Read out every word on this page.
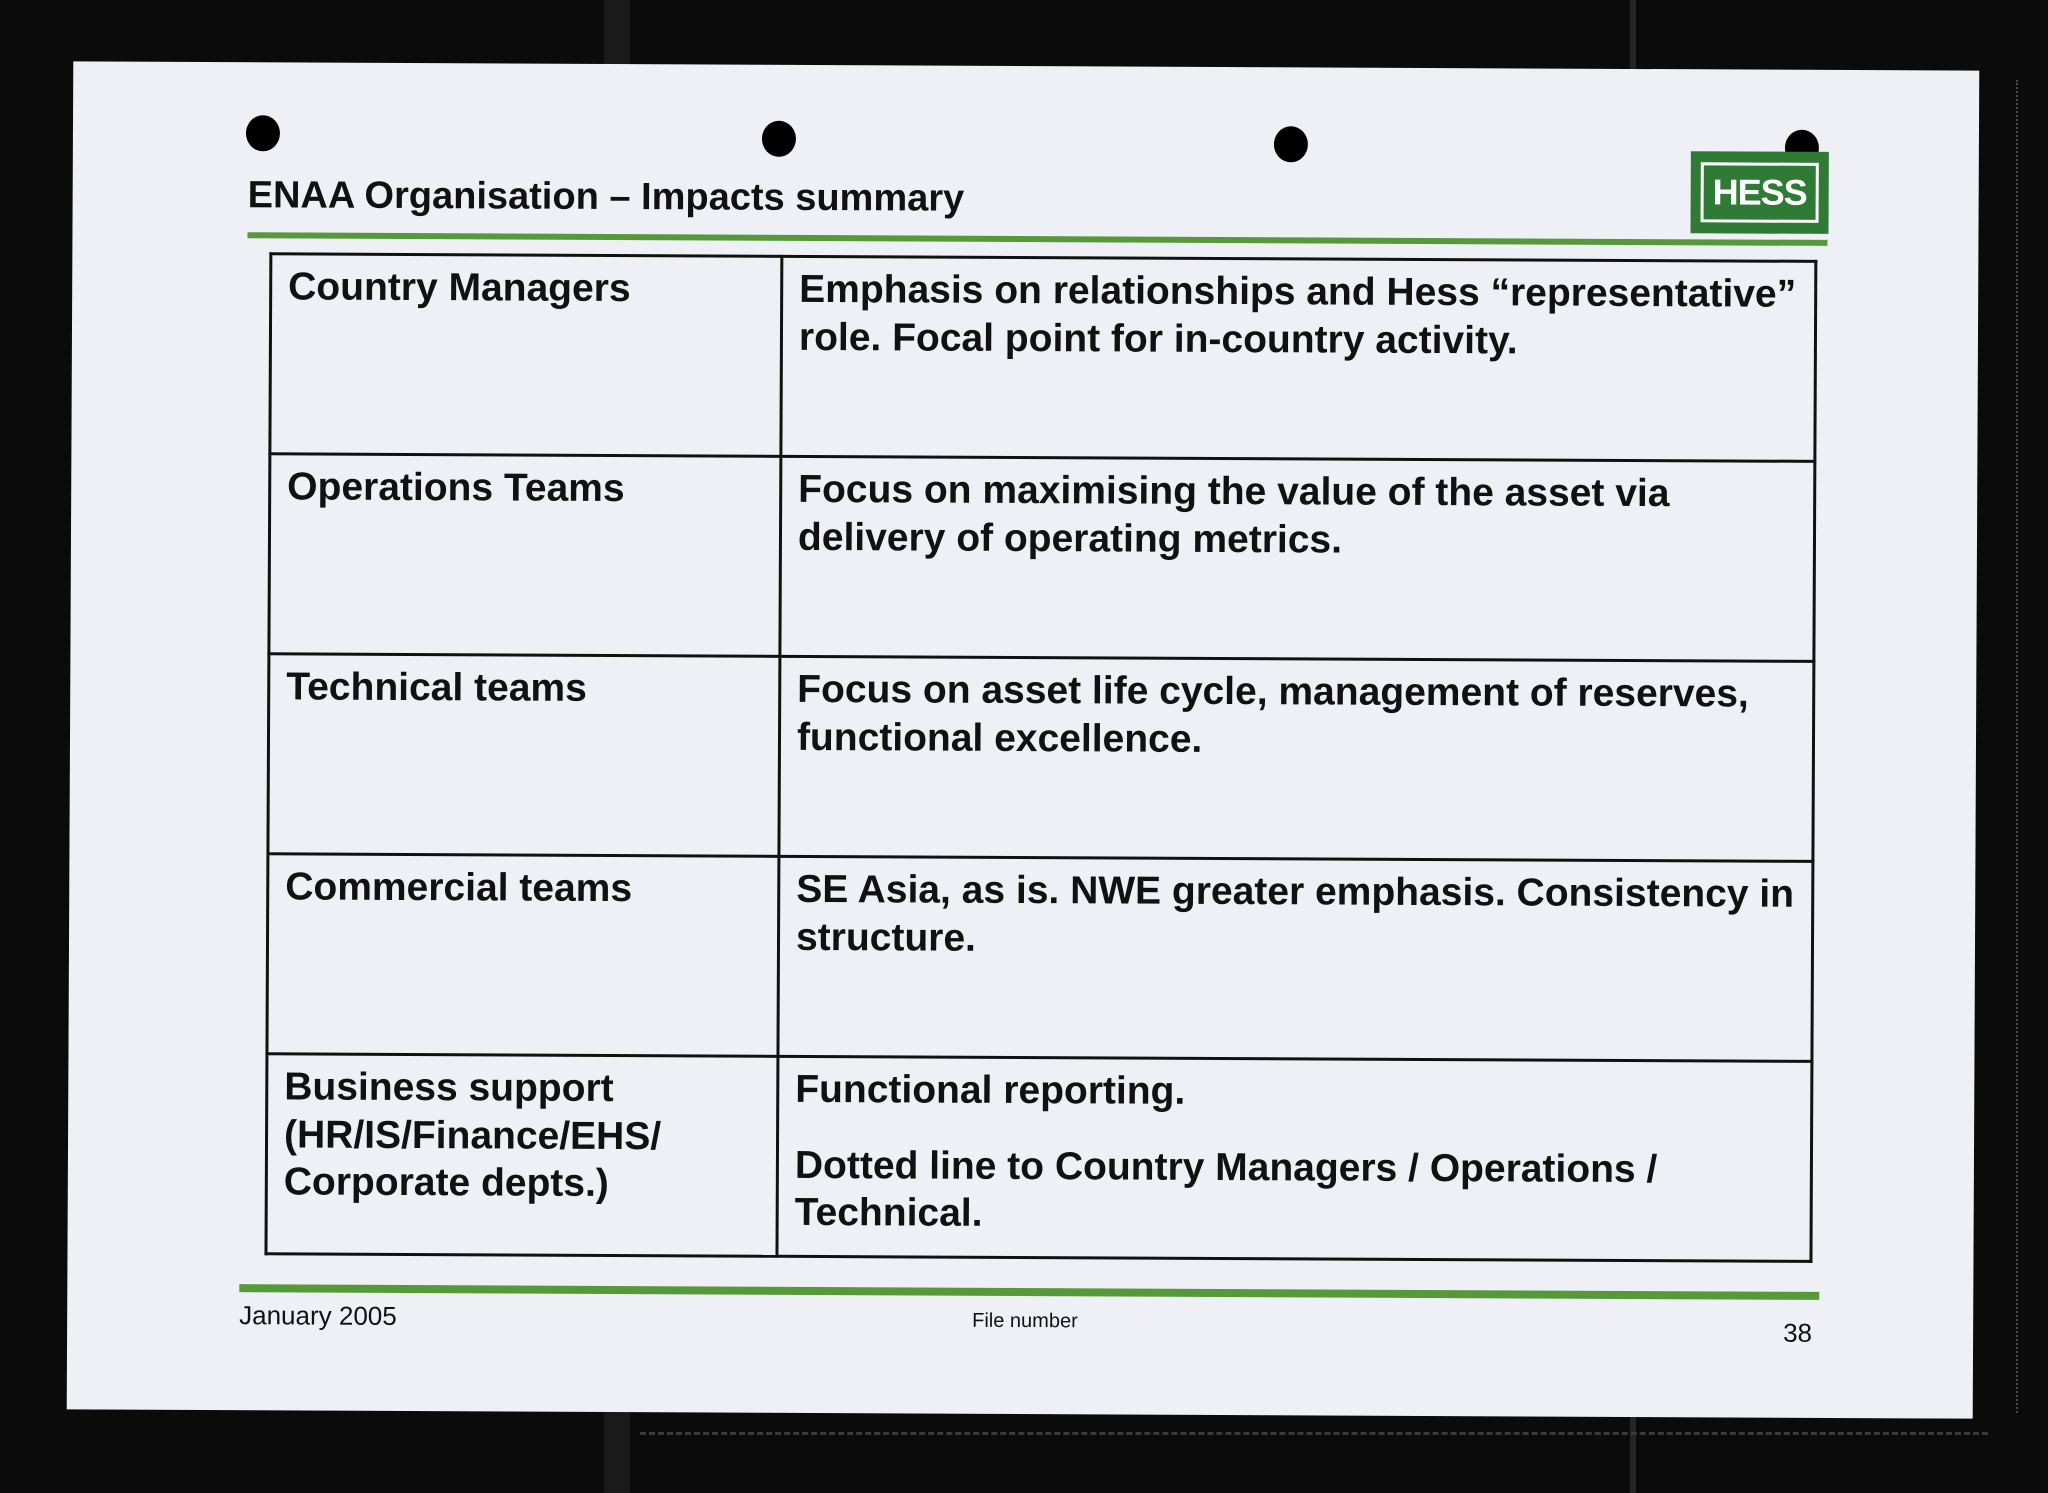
ENAA Organisation – Impacts summary	HESS
Country Managers	Emphasis on relationships and Hess “representative” role. Focal point for in-country activity.

Operations Teams	Focus on maximising the value of the asset via delivery of operating metrics.

Technical teams	Focus on asset life cycle, management of reserves, functional excellence.

Commercial teams	SE Asia, as is. NWE greater emphasis. Consistency in structure.

Business support (HR/IS/Finance/EHS/ Corporate depts.)	Functional reporting.
Dotted line to Country Managers / Operations / Technical.
January 2005	File number	38
